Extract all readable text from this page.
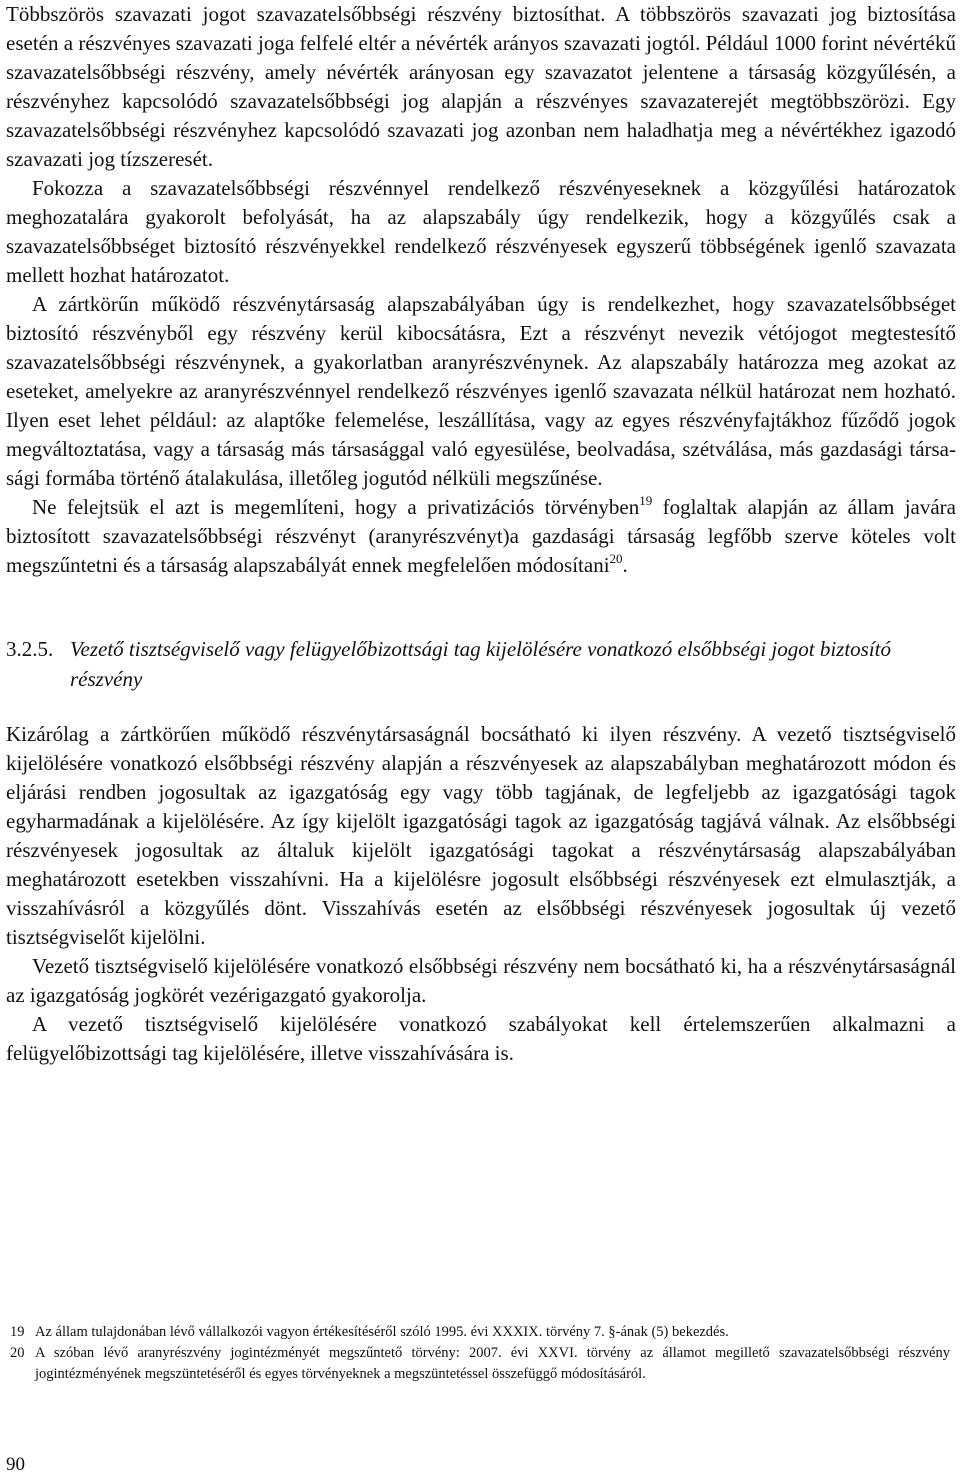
Többszörös szavazati jogot szavazatelsőbbségi részvény biztosíthat. A többszörös szavazati jog biztosítása esetén a részvényes szavazati joga felfelé eltér a névérték arányos szavazati jogtól. Például 1000 forint névértékű szavazatelsőbbségi részvény, amely névérték arányosan egy szavazatot jelentene a társaság közgyűlésén, a részvényhez kapcsolódó szavazatelsőbbségi jog alapján a részvényes szavazaterejét megtöbbszörözi. Egy szavazatelsőbbségi részvényhez kapcsolódó szavazati jog azonban nem haladhatja meg a névértékhez igazodó szavazati jog tízszeresét.

Fokozza a szavazatelsőbbségi részvénnyel rendelkező részvényeseknek a közgyűlési határozatok meghozatalára gyakorolt befolyását, ha az alapszabály úgy rendelkezik, hogy a közgyűlés csak a szavazatelsőbbséget biztosító részvényekkel rendelkező részvényesek egyszerű többségének igenlő szavazata mellett hozhat határozatot.

A zártkörűn működő részvénytársaság alapszabályában úgy is rendelkezhet, hogy szavazatelsőbbséget biztosító részvényből egy részvény kerül kibocsátásra, Ezt a részvényt nevezik vétójogot megtestesítő szavazatelsőbbségi részvénynek, a gyakorlatban aranyrészvénynek. Az alapszabály határozza meg azokat az eseteket, amelyekre az aranyrészvénnyel rendelkező részvényes igenlő szavazata nélkül határozat nem hozható. Ilyen eset lehet például: az alaptőke felemelése, leszállítása, vagy az egyes részvényfajtákhoz fűződő jogok megváltoztatása, vagy a társaság más társasággal való egyesülése, beolvadása, szétválása, más gazdasági társasági formába történő átalakulása, illetőleg jogutód nélküli megszűnése.

Ne felejtsük el azt is megemlíteni, hogy a privatizációs törvényben$^{19}$ foglaltak alapján az állam javára biztosított szavazatelsőbbségi részvényt (aranyrészvényt)a gazdasági társaság legfőbb szerve köteles volt megszűntetni és a társaság alapszabályát ennek megfelelően módosítani$^{20}$.

3.2.5. Vezető tisztségviselő vagy felügyelőbizottsági tag kijelölésére vonatkozó elsőbbségi jogot biztosító részvény

Kizárólag a zártkörűen működő részvénytársaságnál bocsátható ki ilyen részvény. A vezető tisztségviselő kijelölésére vonatkozó elsőbbségi részvény alapján a részvényesek az alapszabályban meghatározott módon és eljárási rendben jogosultak az igazgatóság egy vagy több tagjának, de legfeljebb az igazgatósági tagok egyharmadának a kijelölésére. Az így kijelölt igazgatósági tagok az igazgatóság tagjává válnak. Az elsőbbségi részvényesek jogosultak az általuk kijelölt igazgatósági tagokat a részvénytársaság alapszabályában meghatározott esetekben visszahívni. Ha a kijelölésre jogosult elsőbbségi részvényesek ezt elmulasztják, a visszahívásról a közgyűlés dönt. Visszahívás esetén az elsőbbségi részvényesek jogosultak új vezető tisztségviselőt kijelölni.

Vezető tisztségviselő kijelölésére vonatkozó elsőbbségi részvény nem bocsátható ki, ha a részvénytársaságnál az igazgatóság jogkörét vezérigazgató gyakorolja.

A vezető tisztségviselő kijelölésére vonatkozó szabályokat kell értelemszerűen alkalmazni a felügyelőbizottsági tag kijelölésére, illetve visszahívására is.

19 Az állam tulajdonában lévő vállalkozói vagyon értékesítéséről szóló 1995. évi XXXIX. törvény 7. §-ának (5) bekezdés.
20 A szóban lévő aranyrészvény jogintézményét megszűntető törvény: 2007. évi XXVI. törvény az államot megillető szavazatelsőbbségi részvény jogintézményének megszüntetéséről és egyes törvényeknek a megszüntetéssel összefüggő módosításáról.
90
